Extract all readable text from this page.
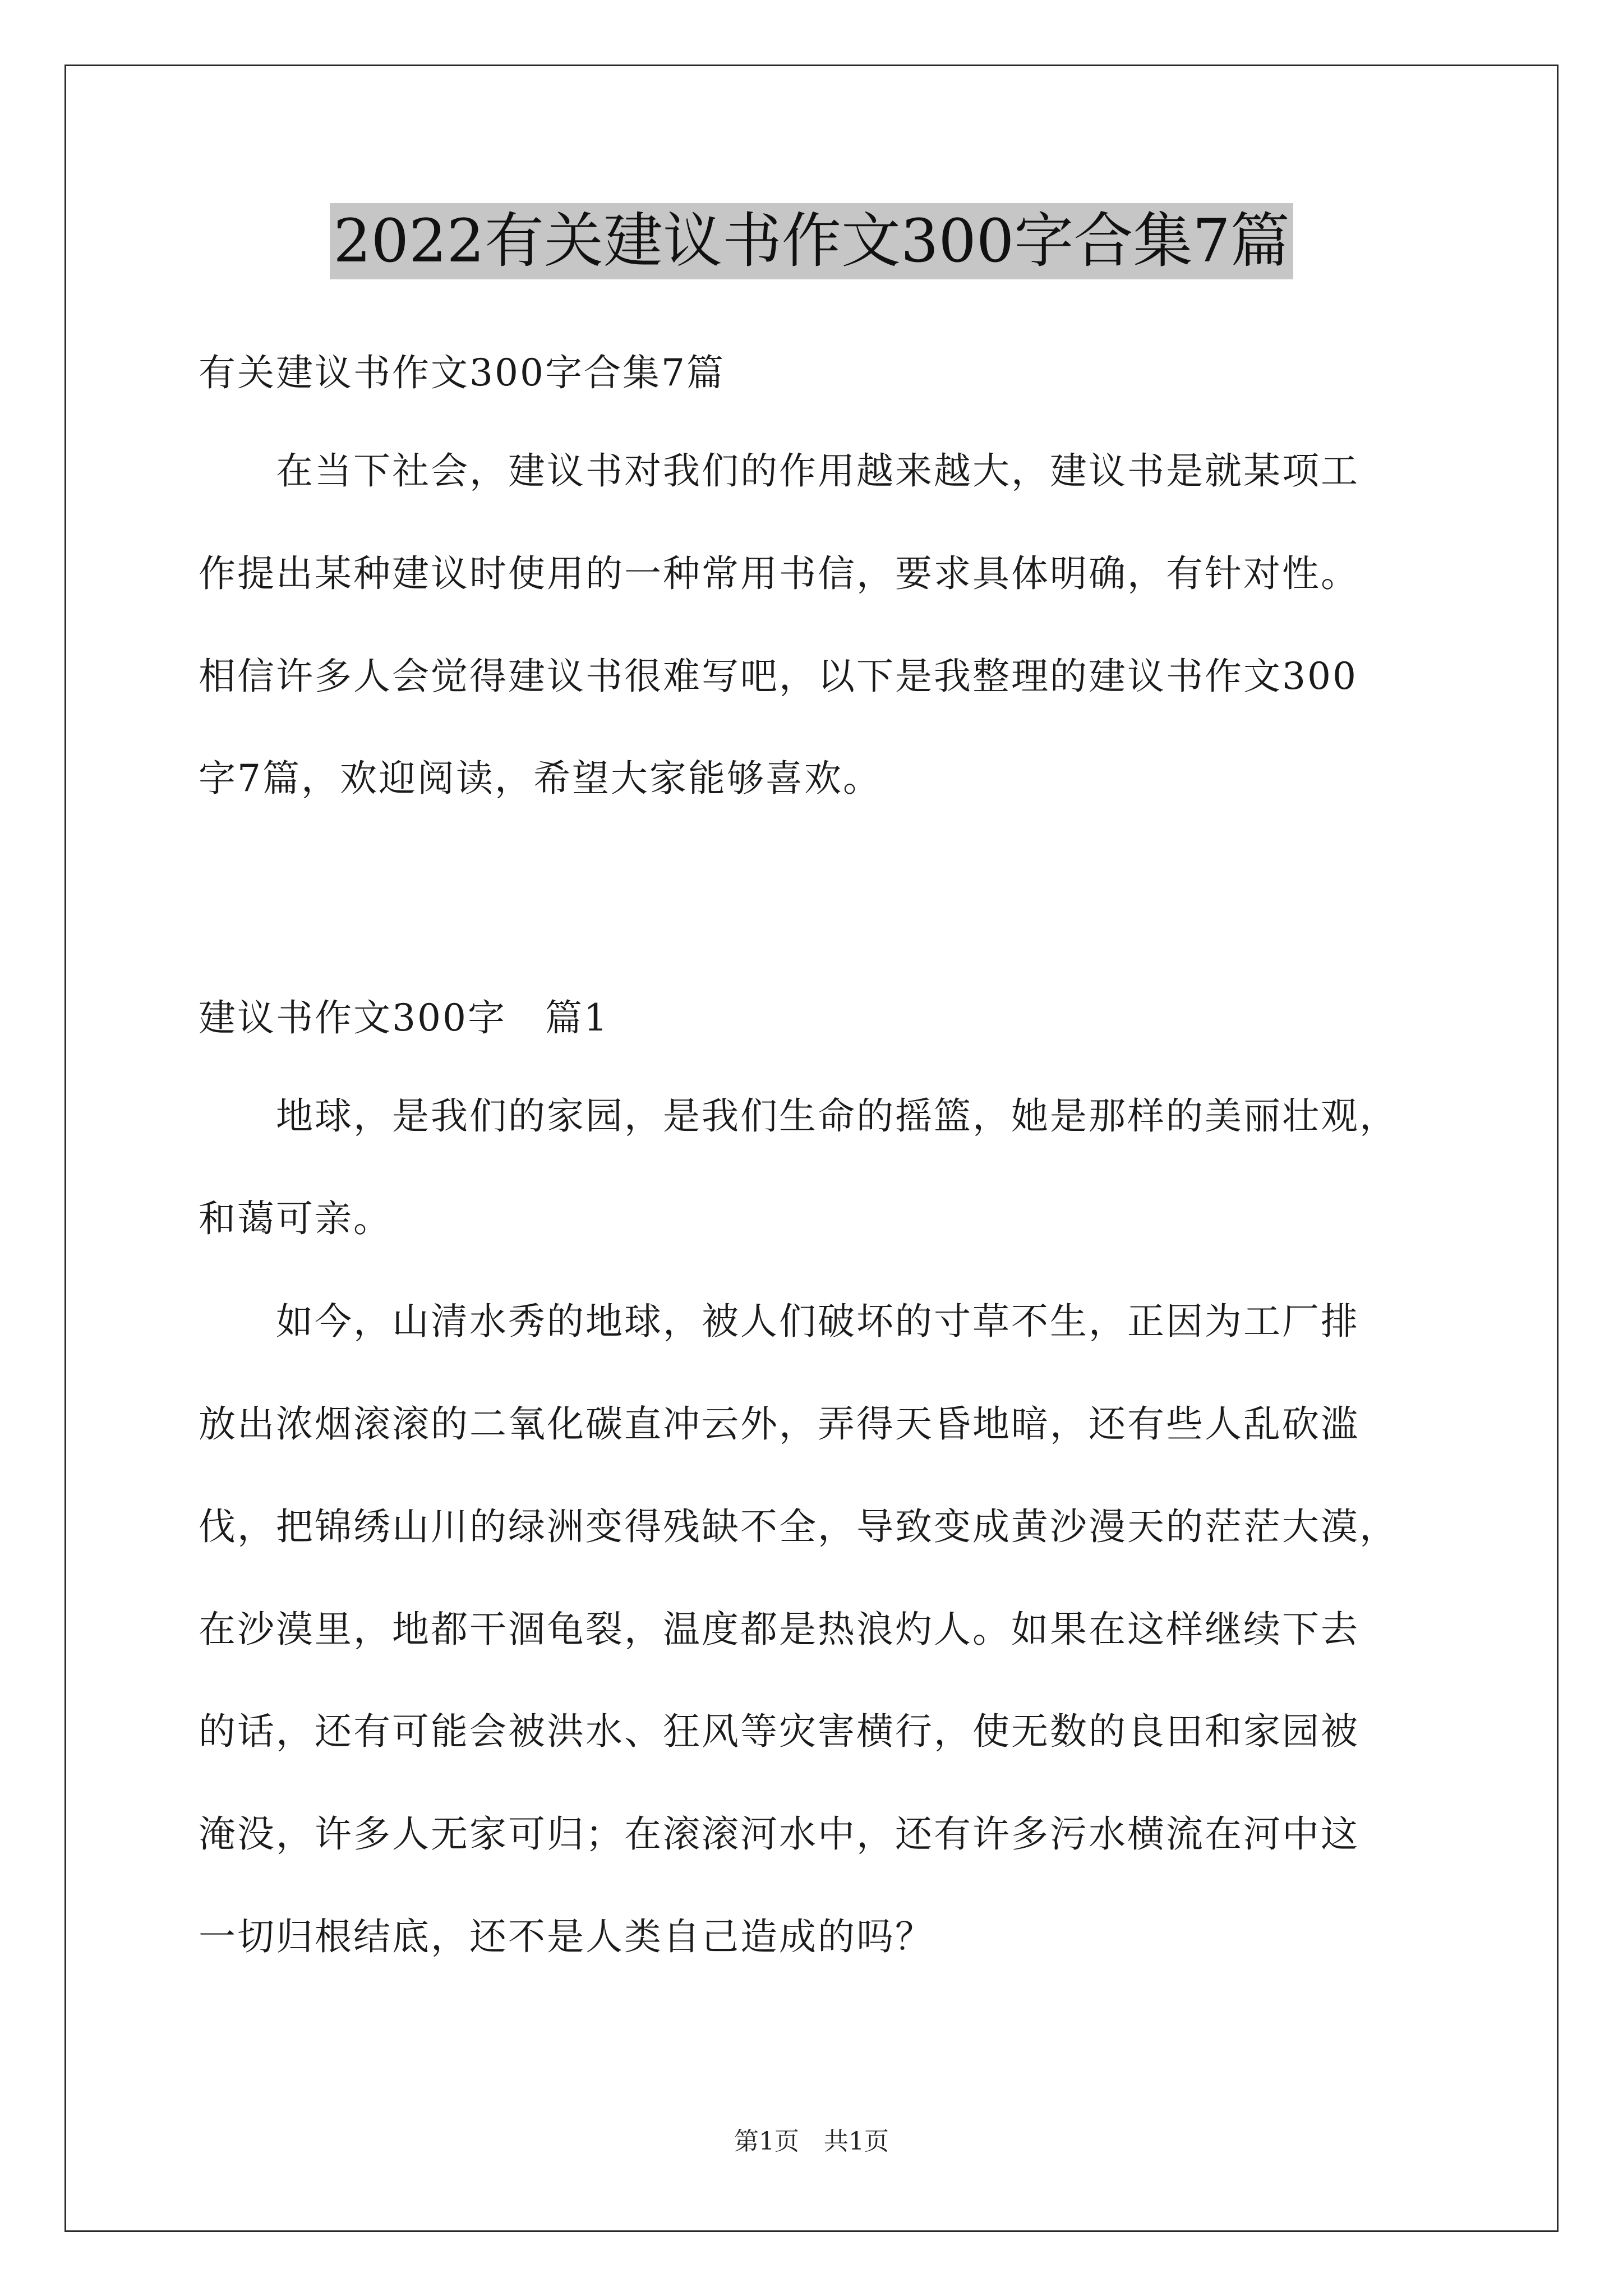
2022有关建议书作文300字合集7篇
有关建议书作文300字合集7篇
　　在当下社会，建议书对我们的作用越来越大，建议书是就某项工
作提出某种建议时使用的一种常用书信，要求具体明确，有针对性。
相信许多人会觉得建议书很难写吧，以下是我整理的建议书作文300
字7篇，欢迎阅读，希望大家能够喜欢。
建议书作文300字　篇1
　　地球，是我们的家园，是我们生命的摇篮，她是那样的美丽壮观，
和蔼可亲。
　　如今，山清水秀的地球，被人们破坏的寸草不生，正因为工厂排
放出浓烟滚滚的二氧化碳直冲云外，弄得天昏地暗，还有些人乱砍滥
伐，把锦绣山川的绿洲变得残缺不全，导致变成黄沙漫天的茫茫大漠，
在沙漠里，地都干涸龟裂，温度都是热浪灼人。如果在这样继续下去
的话，还有可能会被洪水、狂风等灾害横行，使无数的良田和家园被
淹没，许多人无家可归；在滚滚河水中，还有许多污水横流在河中这
一切归根结底，还不是人类自己造成的吗？
第1页　共1页
